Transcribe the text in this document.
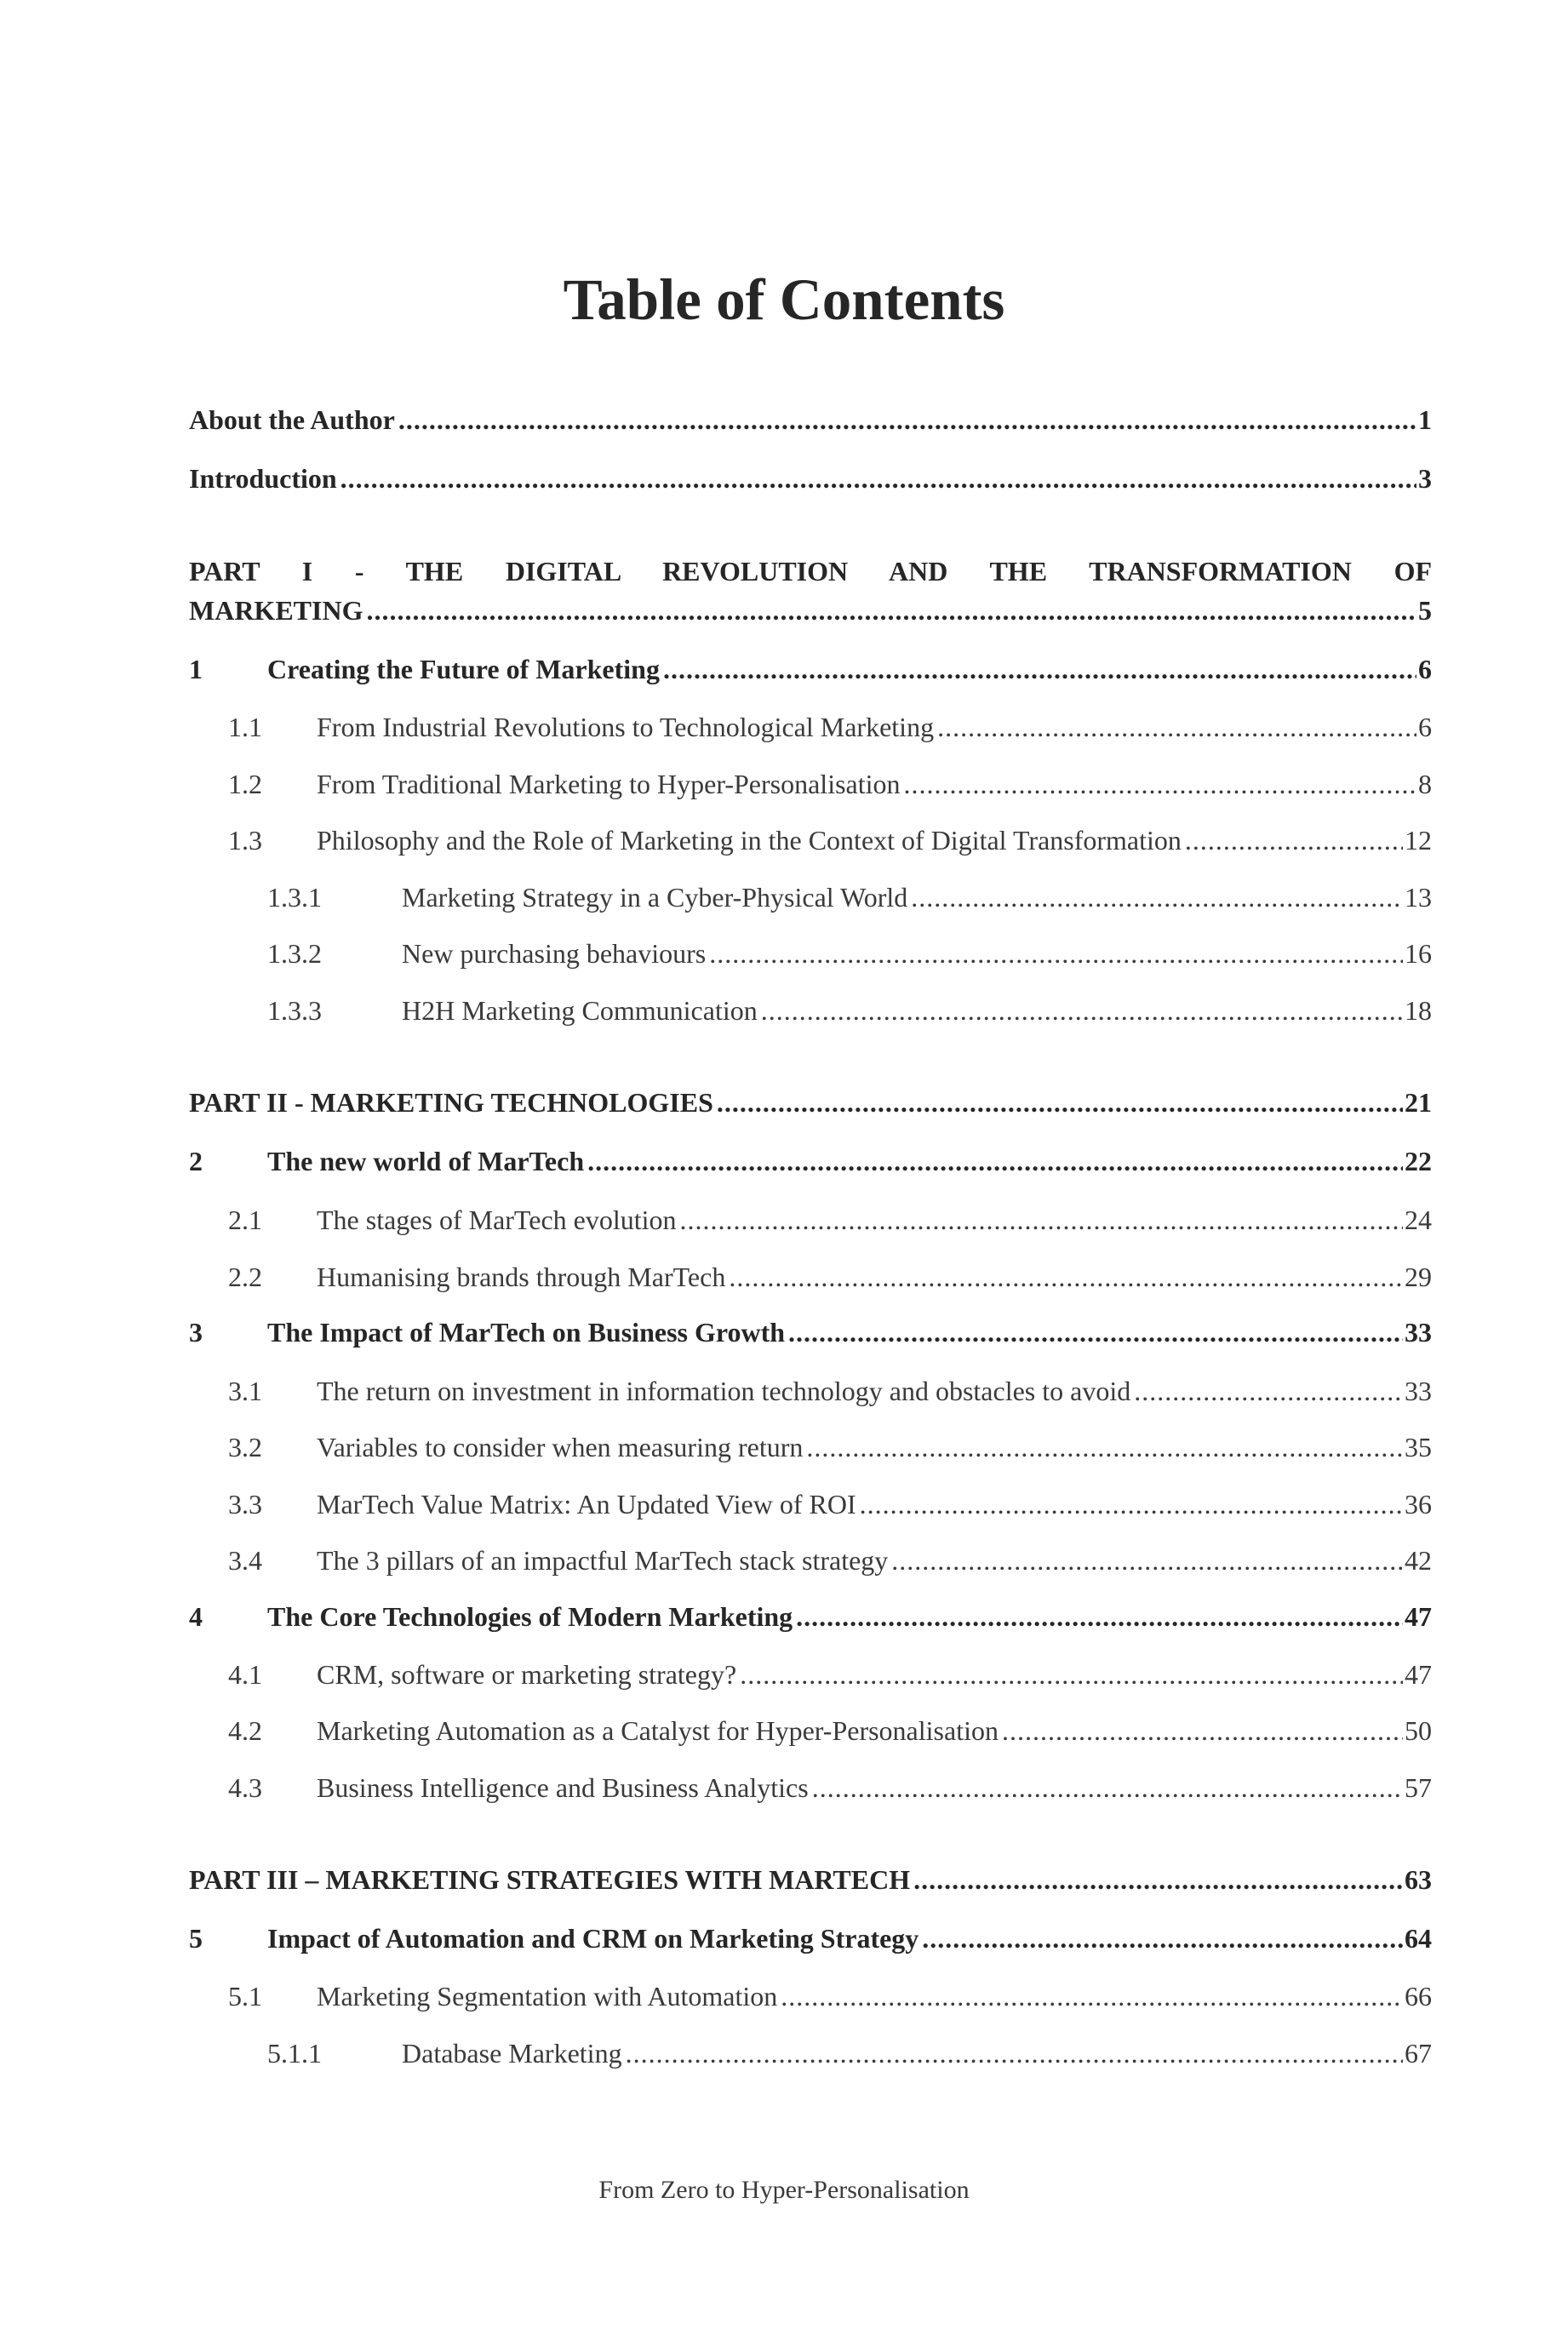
Table of Contents
About the Author .....	1
Introduction .....	3
PART I - THE DIGITAL REVOLUTION AND THE TRANSFORMATION OF
MARKETING .....	5
1 Creating the Future of Marketing .....	6
1.1 From Industrial Revolutions to Technological Marketing .....	6
1.2 From Traditional Marketing to Hyper-Personalisation .....	8
1.3 Philosophy and the Role of Marketing in the Context of Digital Transformation .....	12
1.3.1	Marketing Strategy in a Cyber-Physical World .....	13
1.3.2	New purchasing behaviours .....	16
1.3.3	H2H Marketing Communication .....	18
PART II - MARKETING TECHNOLOGIES .....	21
2 The new world of MarTech .....	22
2.1 The stages of MarTech evolution .....	24
2.2 Humanising brands through MarTech .....	29
3 The Impact of MarTech on Business Growth .....	33
3.1 The return on investment in information technology and obstacles to avoid .....	33
3.2 Variables to consider when measuring return .....	35
3.3 MarTech Value Matrix: An Updated View of ROI .....	36
3.4 The 3 pillars of an impactful MarTech stack strategy .....	42
4 The Core Technologies of Modern Marketing .....	47
4.1 CRM, software or marketing strategy? .....	47
4.2 Marketing Automation as a Catalyst for Hyper-Personalisation .....	50
4.3 Business Intelligence and Business Analytics .....	57
PART III – MARKETING STRATEGIES WITH MARTECH .....	63
5 Impact of Automation and CRM on Marketing Strategy .....	64
5.1 Marketing Segmentation with Automation .....	66
5.1.1	Database Marketing .....	67
From Zero to Hyper-Personalisation
